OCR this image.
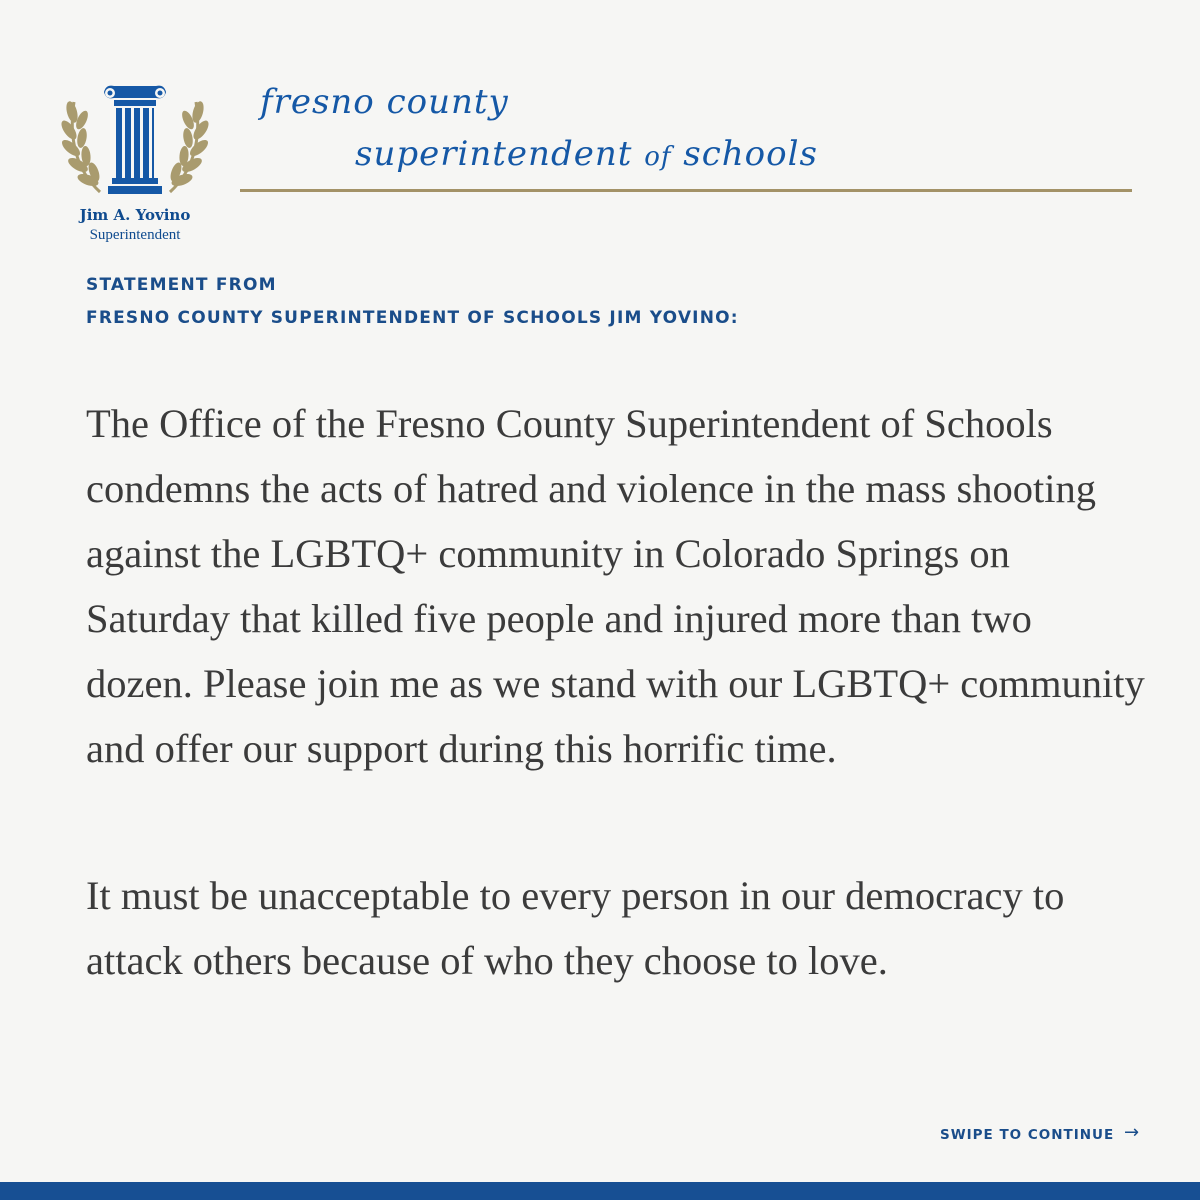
Jim A. Yovino
Superintendent
fresno county
superintendent of schools
STATEMENT FROM
FRESNO COUNTY SUPERINTENDENT OF SCHOOLS JIM YOVINO:

The Office of the Fresno County Superintendent of Schools condemns the acts of hatred and violence in the mass shooting against the LGBTQ+ community in Colorado Springs on Saturday that killed five people and injured more than two dozen. Please join me as we stand with our LGBTQ+ community and offer our support during this horrific time.

It must be unacceptable to every person in our democracy to attack others because of who they choose to love.

SWIPE TO CONTINUE →
